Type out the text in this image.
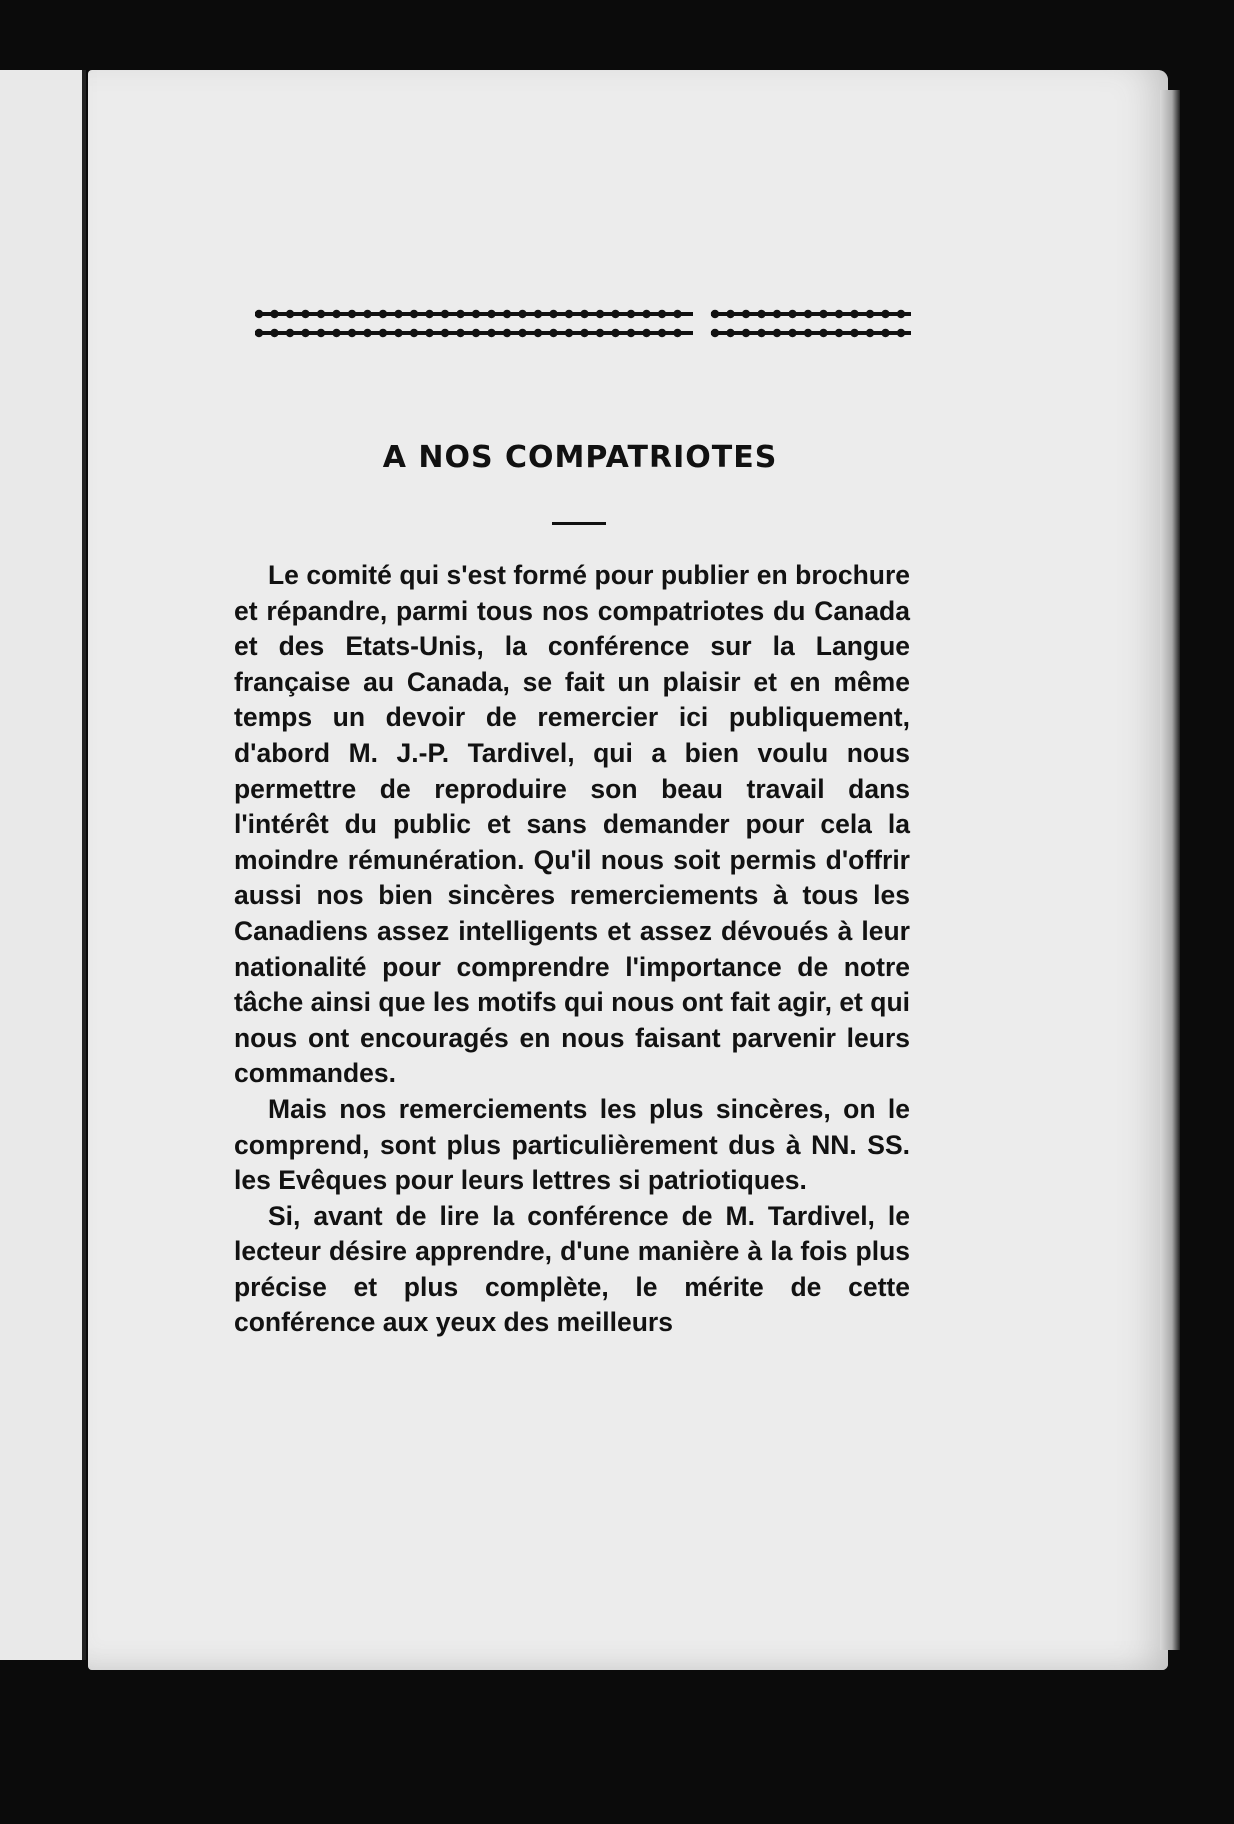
A NOS COMPATRIOTES

Le comité qui s'est formé pour publier en brochure et répandre, parmi tous nos compatriotes du Canada et des Etats-Unis, la conférence sur la Langue française au Canada, se fait un plaisir et en même temps un devoir de remercier ici publiquement, d'abord M. J.-P. Tardivel, qui a bien voulu nous permettre de reproduire son beau travail dans l'intérêt du public et sans demander pour cela la moindre rémunération. Qu'il nous soit permis d'offrir aussi nos bien sincères remerciements à tous les Canadiens assez intelligents et assez dévoués à leur nationalité pour comprendre l'importance de notre tâche ainsi que les motifs qui nous ont fait agir, et qui nous ont encouragés en nous faisant parvenir leurs commandes.

Mais nos remerciements les plus sincères, on le comprend, sont plus particulièrement dus à NN. SS. les Evêques pour leurs lettres si patriotiques.

Si, avant de lire la conférence de M. Tardivel, le lecteur désire apprendre, d'une manière à la fois plus précise et plus complète, le mérite de cette conférence aux yeux des meilleurs
